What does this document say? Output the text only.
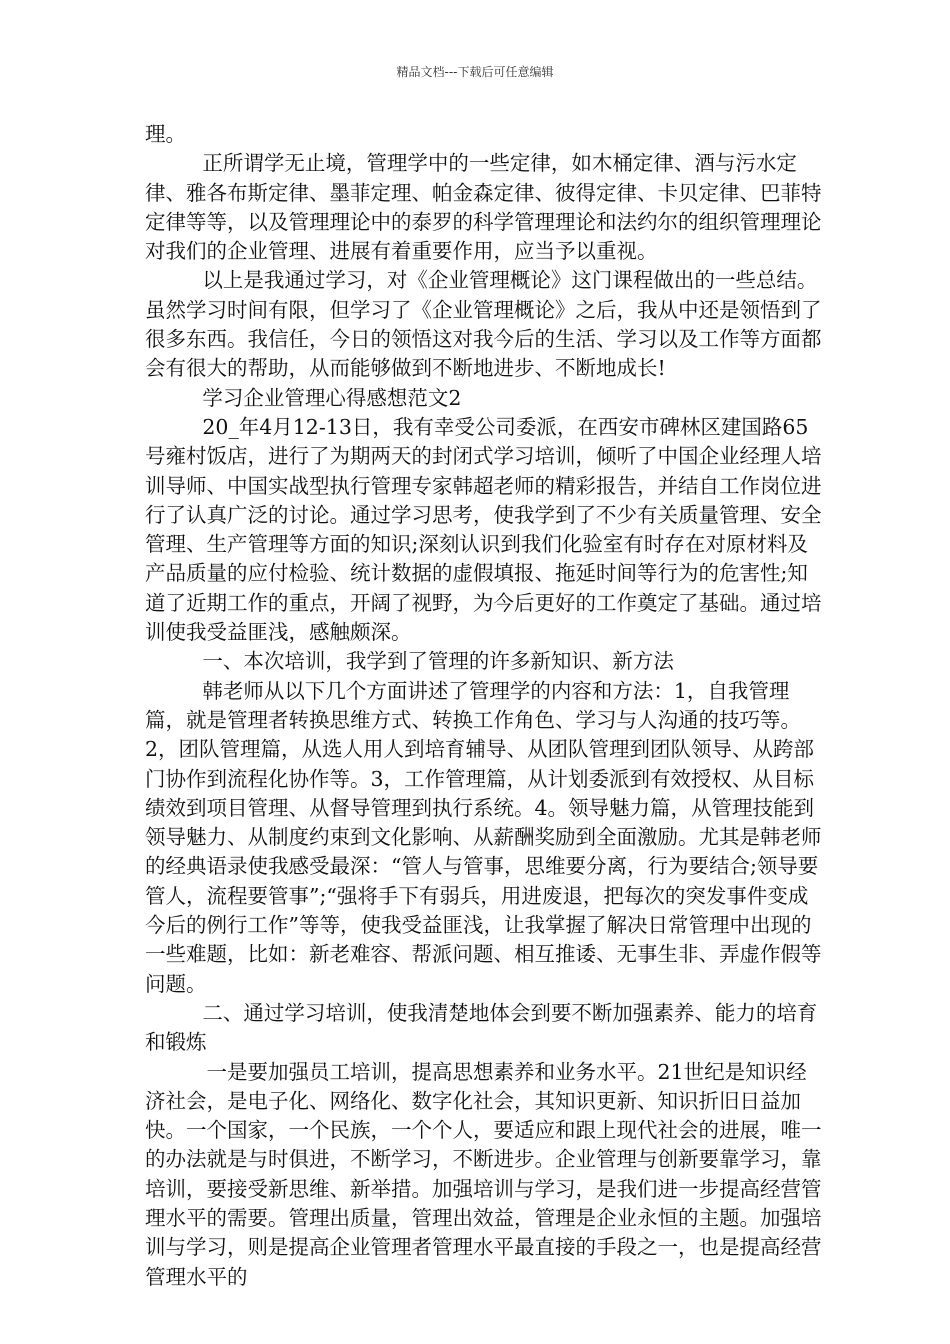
精品文档---下载后可任意编辑

理。

正所谓学无止境，管理学中的一些定律，如木桶定律、酒与污水定律、雅各布斯定律、墨菲定理、帕金森定律、彼得定律、卡贝定律、巴菲特定律等等，以及管理理论中的泰罗的科学管理理论和法约尔的组织管理理论对我们的企业管理、进展有着重要作用，应当予以重视。

以上是我通过学习，对《企业管理概论》这门课程做出的一些总结。虽然学习时间有限，但学习了《企业管理概论》之后，我从中还是领悟到了很多东西。我信任，今日的领悟这对我今后的生活、学习以及工作等方面都会有很大的帮助，从而能够做到不断地进步、不断地成长!

学习企业管理心得感想范文2

20_年4月12-13日，我有幸受公司委派，在西安市碑林区建国路65号雍村饭店，进行了为期两天的封闭式学习培训，倾听了中国企业经理人培训导师、中国实战型执行管理专家韩超老师的精彩报告，并结自工作岗位进行了认真广泛的讨论。通过学习思考，使我学到了不少有关质量管理、安全管理、生产管理等方面的知识;深刻认识到我们化验室有时存在对原材料及产品质量的应付检验、统计数据的虚假填报、拖延时间等行为的危害性;知道了近期工作的重点，开阔了视野，为今后更好的工作奠定了基础。通过培训使我受益匪浅，感触颇深。

一、本次培训，我学到了管理的许多新知识、新方法

韩老师从以下几个方面讲述了管理学的内容和方法：1，自我管理篇，就是管理者转换思维方式、转换工作角色、学习与人沟通的技巧等。2，团队管理篇，从选人用人到培育辅导、从团队管理到团队领导、从跨部门协作到流程化协作等。3，工作管理篇，从计划委派到有效授权、从目标绩效到项目管理、从督导管理到执行系统。4。领导魅力篇，从管理技能到领导魅力、从制度约束到文化影响、从薪酬奖励到全面激励。尤其是韩老师的经典语录使我感受最深：“管人与管事，思维要分离，行为要结合;领导要管人，流程要管事”;“强将手下有弱兵，用进废退，把每次的突发事件变成今后的例行工作”等等，使我受益匪浅，让我掌握了解决日常管理中出现的一些难题，比如：新老难容、帮派问题、相互推诿、无事生非、弄虚作假等问题。

二、通过学习培训，使我清楚地体会到要不断加强素养、能力的培育和锻炼

一是要加强员工培训，提高思想素养和业务水平。21世纪是知识经济社会，是电子化、网络化、数字化社会，其知识更新、知识折旧日益加快。一个国家，一个民族，一个个人，要适应和跟上现代社会的进展，唯一的办法就是与时俱进，不断学习，不断进步。企业管理与创新要靠学习，靠培训，要接受新思维、新举措。加强培训与学习，是我们进一步提高经营管理水平的需要。管理出质量，管理出效益，管理是企业永恒的主题。加强培训与学习，则是提高企业管理者管理水平最直接的手段之一，也是提高经营管理水平的
